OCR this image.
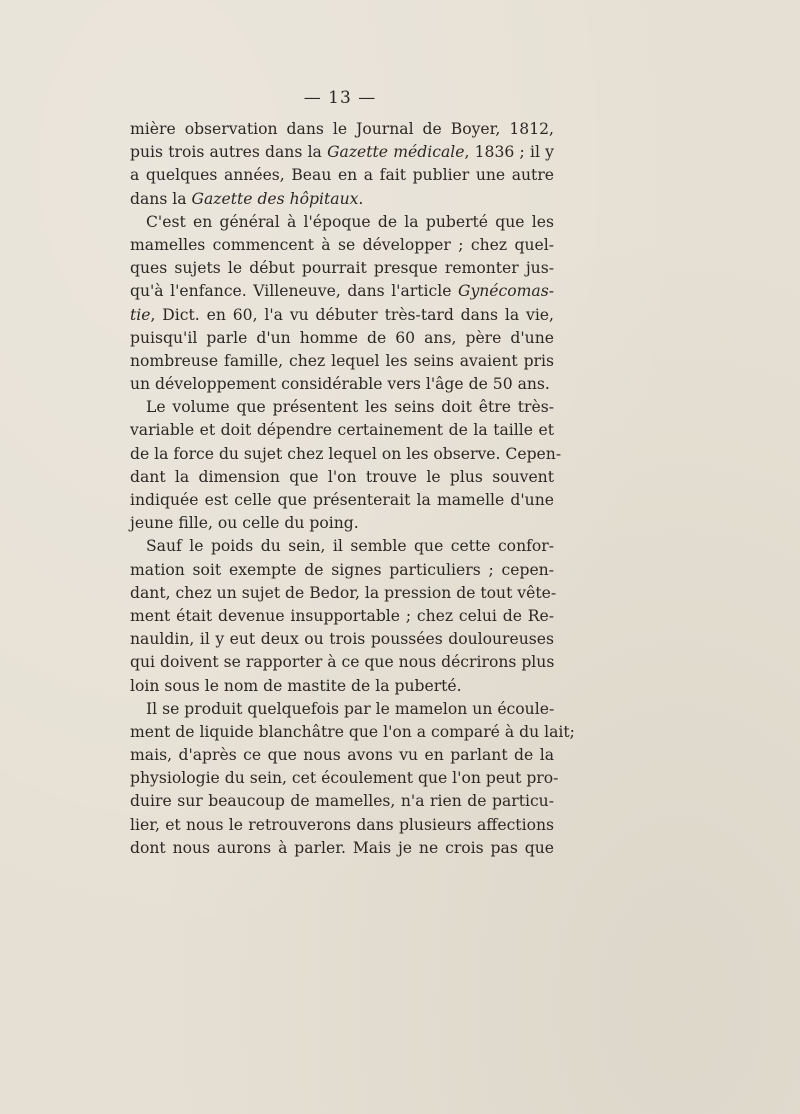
— 13 —
mière observation dans le Journal de Boyer, 1812,
puis trois autres dans la Gazette médicale, 1836 ; il y
a quelques années, Beau en a fait publier une autre
dans la Gazette des hôpitaux.
C'est en général à l'époque de la puberté que les
mamelles commencent à se développer ; chez quel-
ques sujets le début pourrait presque remonter jus-
qu'à l'enfance. Villeneuve, dans l'article Gynécomas-
tie, Dict. en 60, l'a vu débuter très-tard dans la vie,
puisqu'il parle d'un homme de 60 ans, père d'une
nombreuse famille, chez lequel les seins avaient pris
un développement considérable vers l'âge de 50 ans.
Le volume que présentent les seins doit être très-
variable et doit dépendre certainement de la taille et
de la force du sujet chez lequel on les observe. Cepen-
dant la dimension que l'on trouve le plus souvent
indiquée est celle que présenterait la mamelle d'une
jeune fille, ou celle du poing.
Sauf le poids du sein, il semble que cette confor-
mation soit exempte de signes particuliers ; cepen-
dant, chez un sujet de Bedor, la pression de tout vête-
ment était devenue insupportable ; chez celui de Re-
nauldin, il y eut deux ou trois poussées douloureuses
qui doivent se rapporter à ce que nous décrirons plus
loin sous le nom de mastite de la puberté.
Il se produit quelquefois par le mamelon un écoule-
ment de liquide blanchâtre que l'on a comparé à du lait;
mais, d'après ce que nous avons vu en parlant de la
physiologie du sein, cet écoulement que l'on peut pro-
duire sur beaucoup de mamelles, n'a rien de particu-
lier, et nous le retrouverons dans plusieurs affections
dont nous aurons à parler. Mais je ne crois pas que
